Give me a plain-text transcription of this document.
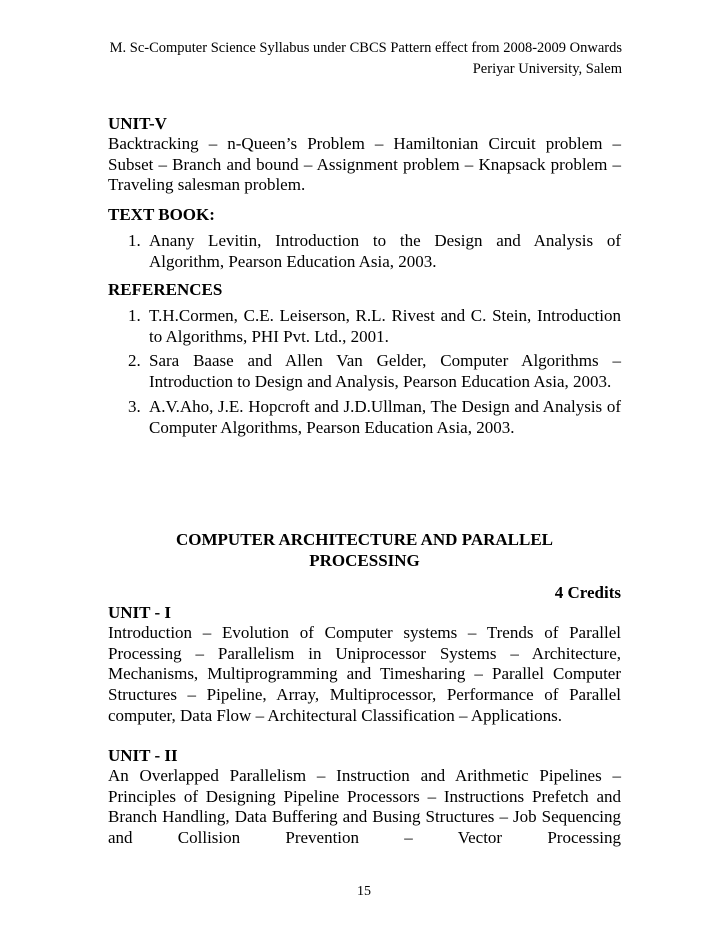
M. Sc-Computer Science Syllabus under CBCS Pattern effect from 2008-2009 Onwards
Periyar University, Salem
UNIT-V
Backtracking – n-Queen’s Problem – Hamiltonian Circuit problem – Subset – Branch and bound – Assignment problem – Knapsack problem – Traveling salesman problem.
TEXT BOOK:
1. Anany Levitin, Introduction to the Design and Analysis of Algorithm, Pearson Education Asia, 2003.
REFERENCES
1. T.H.Cormen, C.E. Leiserson, R.L. Rivest and C. Stein, Introduction to Algorithms, PHI Pvt. Ltd., 2001.
2. Sara Baase and Allen Van Gelder, Computer Algorithms – Introduction to Design and Analysis, Pearson Education Asia, 2003.
3. A.V.Aho, J.E. Hopcroft and J.D.Ullman, The Design and Analysis of Computer Algorithms, Pearson Education Asia, 2003.
COMPUTER ARCHITECTURE AND PARALLEL
PROCESSING
4 Credits
UNIT - I
Introduction – Evolution of Computer systems – Trends of Parallel Processing – Parallelism in Uniprocessor Systems – Architecture, Mechanisms, Multiprogramming and Timesharing – Parallel Computer Structures – Pipeline, Array, Multiprocessor, Performance of Parallel computer, Data Flow – Architectural Classification – Applications.
UNIT - II
An Overlapped Parallelism – Instruction and Arithmetic Pipelines – Principles of Designing Pipeline Processors – Instructions Prefetch and Branch Handling, Data Buffering and Busing Structures – Job Sequencing and Collision Prevention – Vector Processing
15
